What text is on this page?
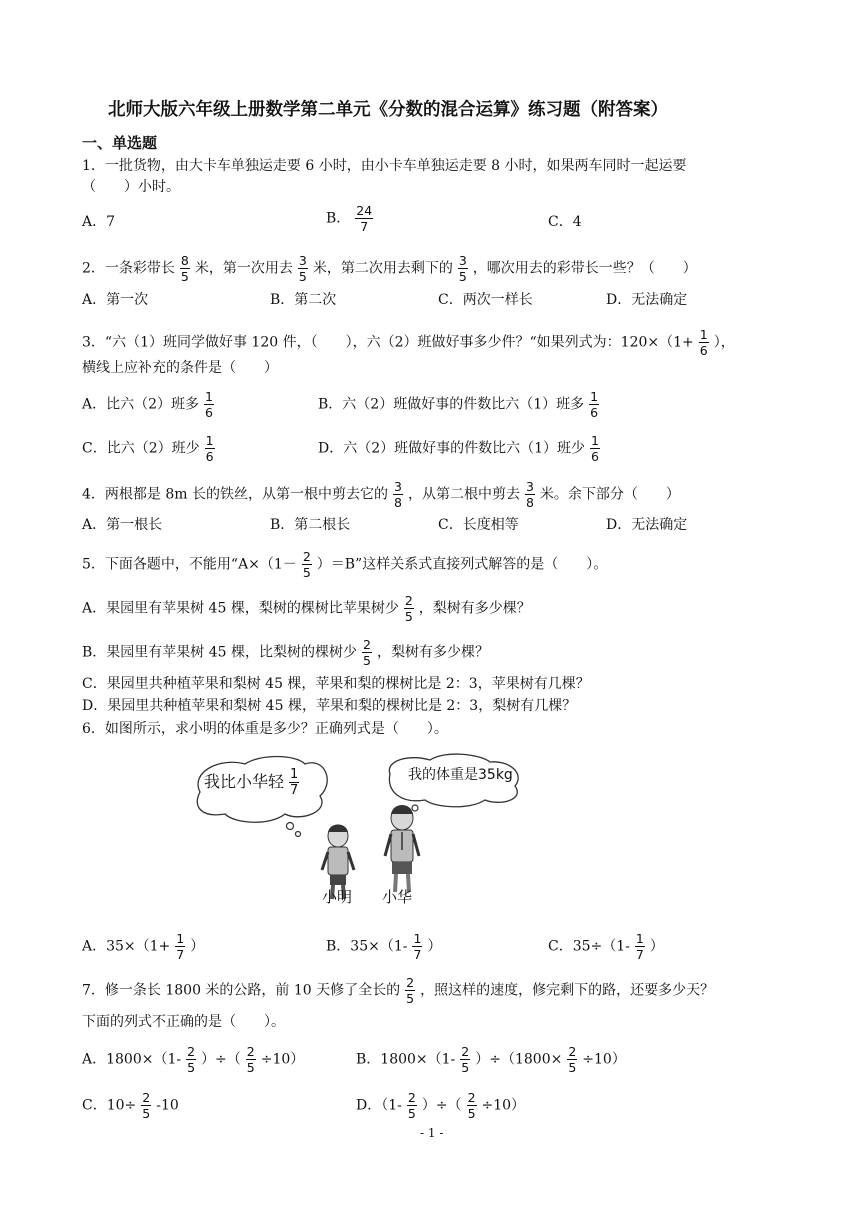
北师大版六年级上册数学第二单元《分数的混合运算》练习题（附答案）
一、单选题
1．一批货物，由大卡车单独运走要 6 小时，由小卡车单独运走要 8 小时，如果两车同时一起运要
（　　）小时。
A．7	B． $\frac{24}{7}$	C．4
2．一条彩带长 $\frac{8}{5}$ 米，第一次用去 $\frac{3}{5}$ 米，第二次用去剩下的 $\frac{3}{5}$ ，哪次用去的彩带长一些？（　　）
A．第一次	B．第二次	C．两次一样长	D．无法确定
3．“六（1）班同学做好事 120 件，（　　），六（2）班做好事多少件？“如果列式为：$120\times(1+ \frac{1}{6}$ ），
横线上应补充的条件是（　　）
A．比六（2）班多 $\frac{1}{6}$	B．六（2）班做好事的件数比六（1）班多 $\frac{1}{6}$
C．比六（2）班少 $\frac{1}{6}$	D．六（2）班做好事的件数比六（1）班少 $\frac{1}{6}$
4．两根都是 8m 长的铁丝，从第一根中剪去它的 $\frac{3}{8}$ ，从第二根中剪去 $\frac{3}{8}$ 米。余下部分（　　）
A．第一根长	B．第二根长	C．长度相等	D．无法确定
5．下面各题中，不能用“$A\times(1- \frac{2}{5} )=B$”这样关系式直接列式解答的是（　　）。
A．果园里有苹果树 45 棵，梨树的棵树比苹果树少 $\frac{2}{5}$ ，梨树有多少棵？
B．果园里有苹果树 45 棵，比梨树的棵树少 $\frac{2}{5}$ ，梨树有多少棵？
C．果园里共种植苹果和梨树 45 棵，苹果和梨的棵树比是 2：3，苹果树有几棵？
D．果园里共种植苹果和梨树 45 棵，苹果和梨的棵树比是 2：3，梨树有几棵？
6．如图所示，求小明的体重是多少？正确列式是（　　）。
我比小华轻 $\frac{1}{7}$	我的体重是35kg
小明 小华
A．$35\times(1+ \frac{1}{7}$ ）	B．$35\times(1- \frac{1}{7}$ ）	C．$35\div(1- \frac{1}{7}$ ）
7．修一条长 1800 米的公路，前 10 天修了全长的 $\frac{2}{5}$ ，照这样的速度，修完剩下的路，还要多少天？
下面的列式不正确的是（　　）。
A．$1800\times(1- \frac{2}{5}$ ）÷（ $\frac{2}{5} \div 10$）	B．$1800\times(1- \frac{2}{5} )\div(1800\times \frac{2}{5} \div 10)$
C．$10\div \frac{2}{5} -10$	D．（$1- \frac{2}{5}$ ）÷（ $\frac{2}{5} \div 10$）
- 1 -
